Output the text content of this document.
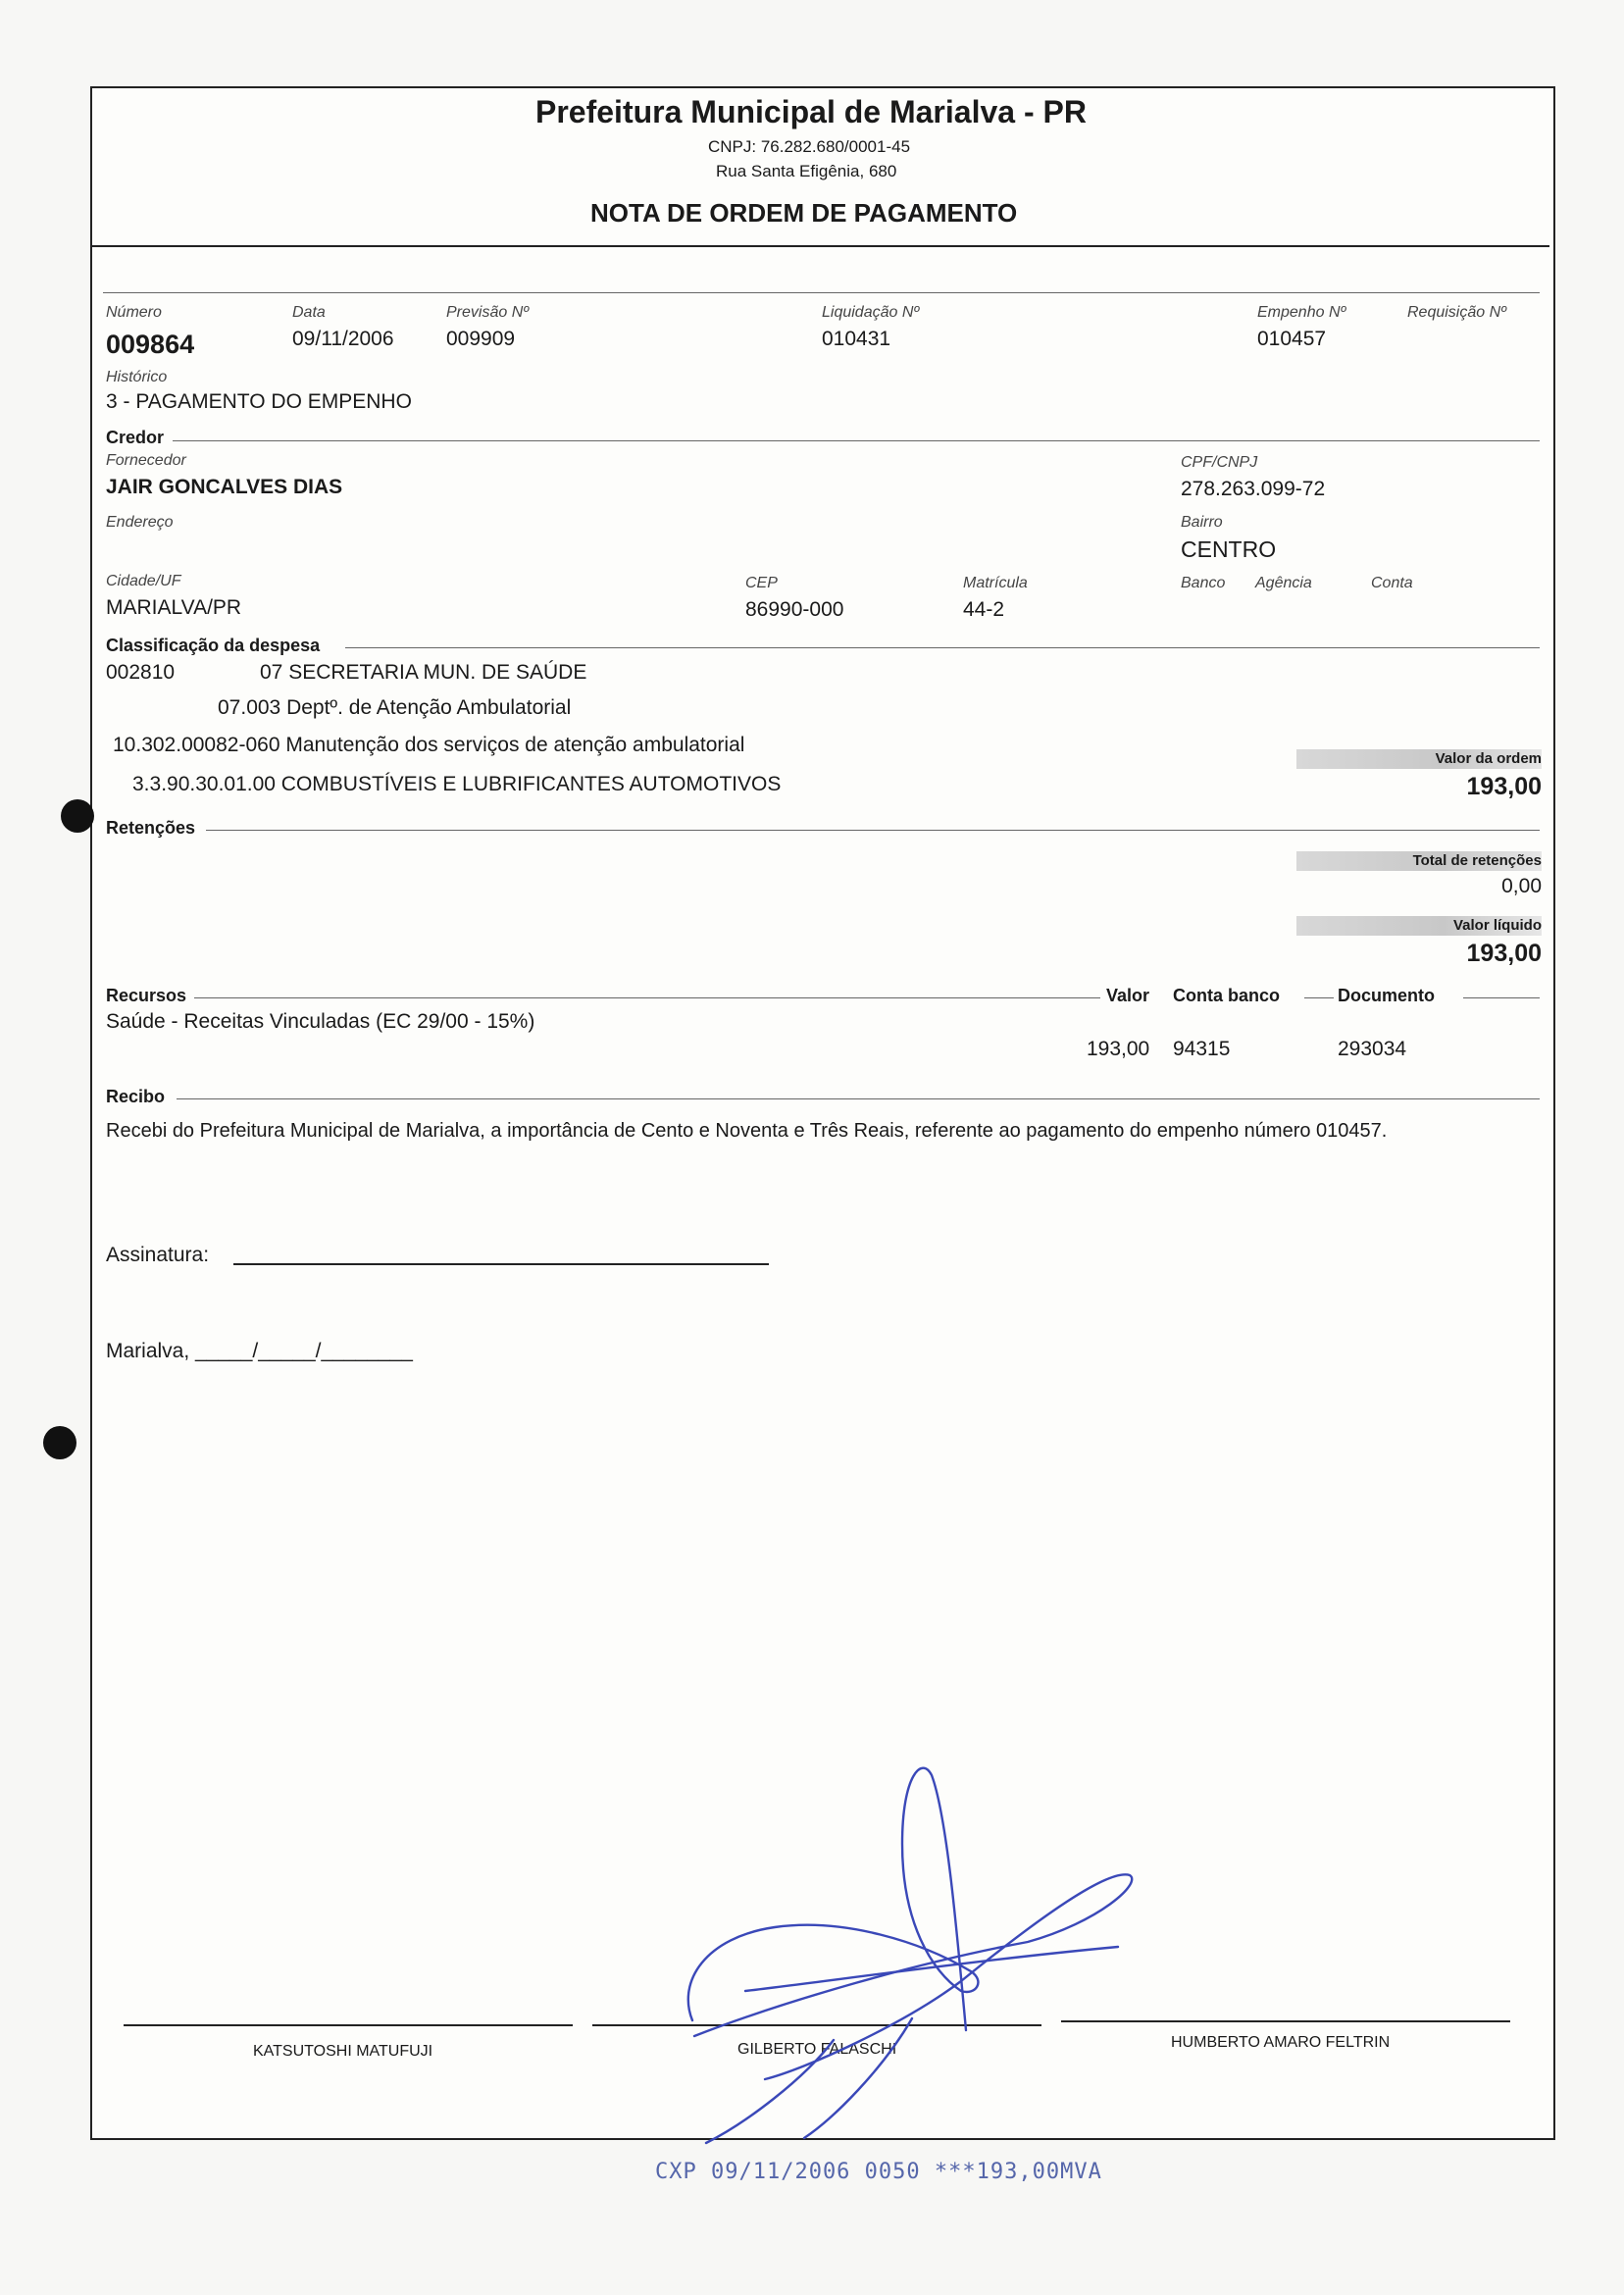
Prefeitura Municipal de Marialva - PR
CNPJ: 76.282.680/0001-45
Rua Santa Efigênia, 680
NOTA DE ORDEM DE PAGAMENTO
Número
009864
Data
09/11/2006
Previsão Nº
009909
Liquidação Nº
010431
Empenho Nº
010457
Requisição Nº
Histórico
3 - PAGAMENTO DO EMPENHO
Credor
Fornecedor
JAIR GONCALVES DIAS
CPF/CNPJ
278.263.099-72
Endereço	Bairro
CENTRO
Cidade/UF
MARIALVA/PR
CEP
86990-000
Matrícula
44-2
Banco Agência	Conta
Classificação da despesa
002810	07 SECRETARIA MUN. DE SAÚDE
07.003 Deptº. de Atenção Ambulatorial
10.302.00082-060 Manutenção dos serviços de atenção ambulatorial
3.3.90.30.01.00 COMBUSTÍVEIS E LUBRIFICANTES AUTOMOTIVOS
Valor da ordem
193,00
Retenções
Total de retenções
0,00
Valor líquido
193,00
Recursos	Valor Conta banco	Documento
Saúde - Receitas Vinculadas (EC 29/00 - 15%)
193,00 94315	293034
Recibo
Recebi do Prefeitura Municipal de Marialva, a importância de Cento e Noventa e Três Reais, referente ao pagamento do empenho número 010457.
Assinatura:
Marialva, _____/_____/________
KATSUTOSHI MATUFUJI	GILBERTO FALASCHI	HUMBERTO AMARO FELTRIN
CXP 09/11/2006 0050 ***193,00MVA
